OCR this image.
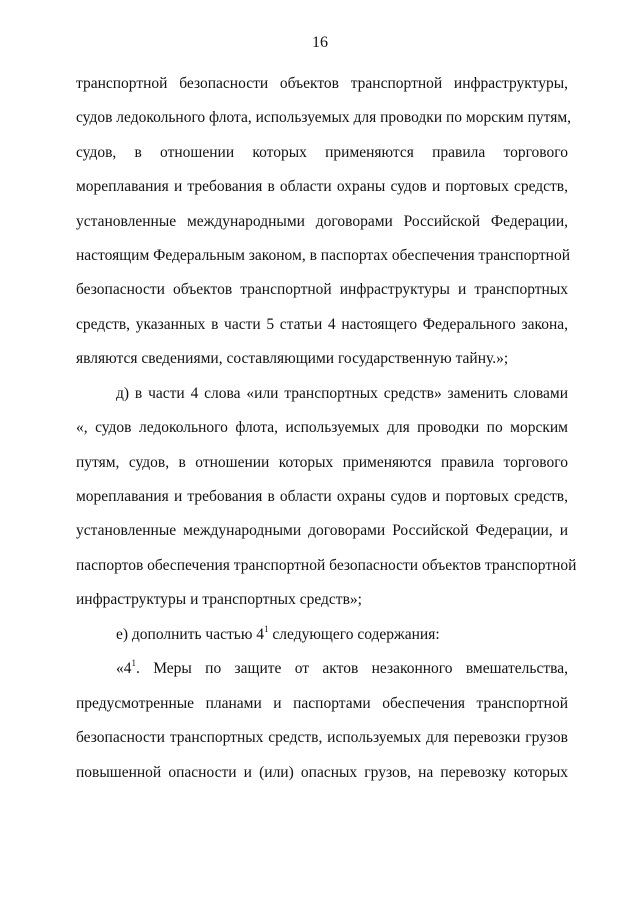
16
транспортной безопасности объектов транспортной инфраструктуры,
судов ледокольного флота, используемых для проводки по морским путям,
судов, в отношении которых применяются правила торгового
мореплавания и требования в области охраны судов и портовых средств,
установленные международными договорами Российской Федерации,
настоящим Федеральным законом, в паспортах обеспечения транспортной
безопасности объектов транспортной инфраструктуры и транспортных
средств, указанных в части 5 статьи 4 настоящего Федерального закона,
являются сведениями, составляющими государственную тайну.»;
д) в части 4 слова «или транспортных средств» заменить словами
«, судов ледокольного флота, используемых для проводки по морским
путям, судов, в отношении которых применяются правила торгового
мореплавания и требования в области охраны судов и портовых средств,
установленные международными договорами Российской Федерации, и
паспортов обеспечения транспортной безопасности объектов транспортной
инфраструктуры и транспортных средств»;
е) дополнить частью $4^1$ следующего содержания:
«$4^1$. Меры по защите от актов незаконного вмешательства,
предусмотренные планами и паспортами обеспечения транспортной
безопасности транспортных средств, используемых для перевозки грузов
повышенной опасности и (или) опасных грузов, на перевозку которых
